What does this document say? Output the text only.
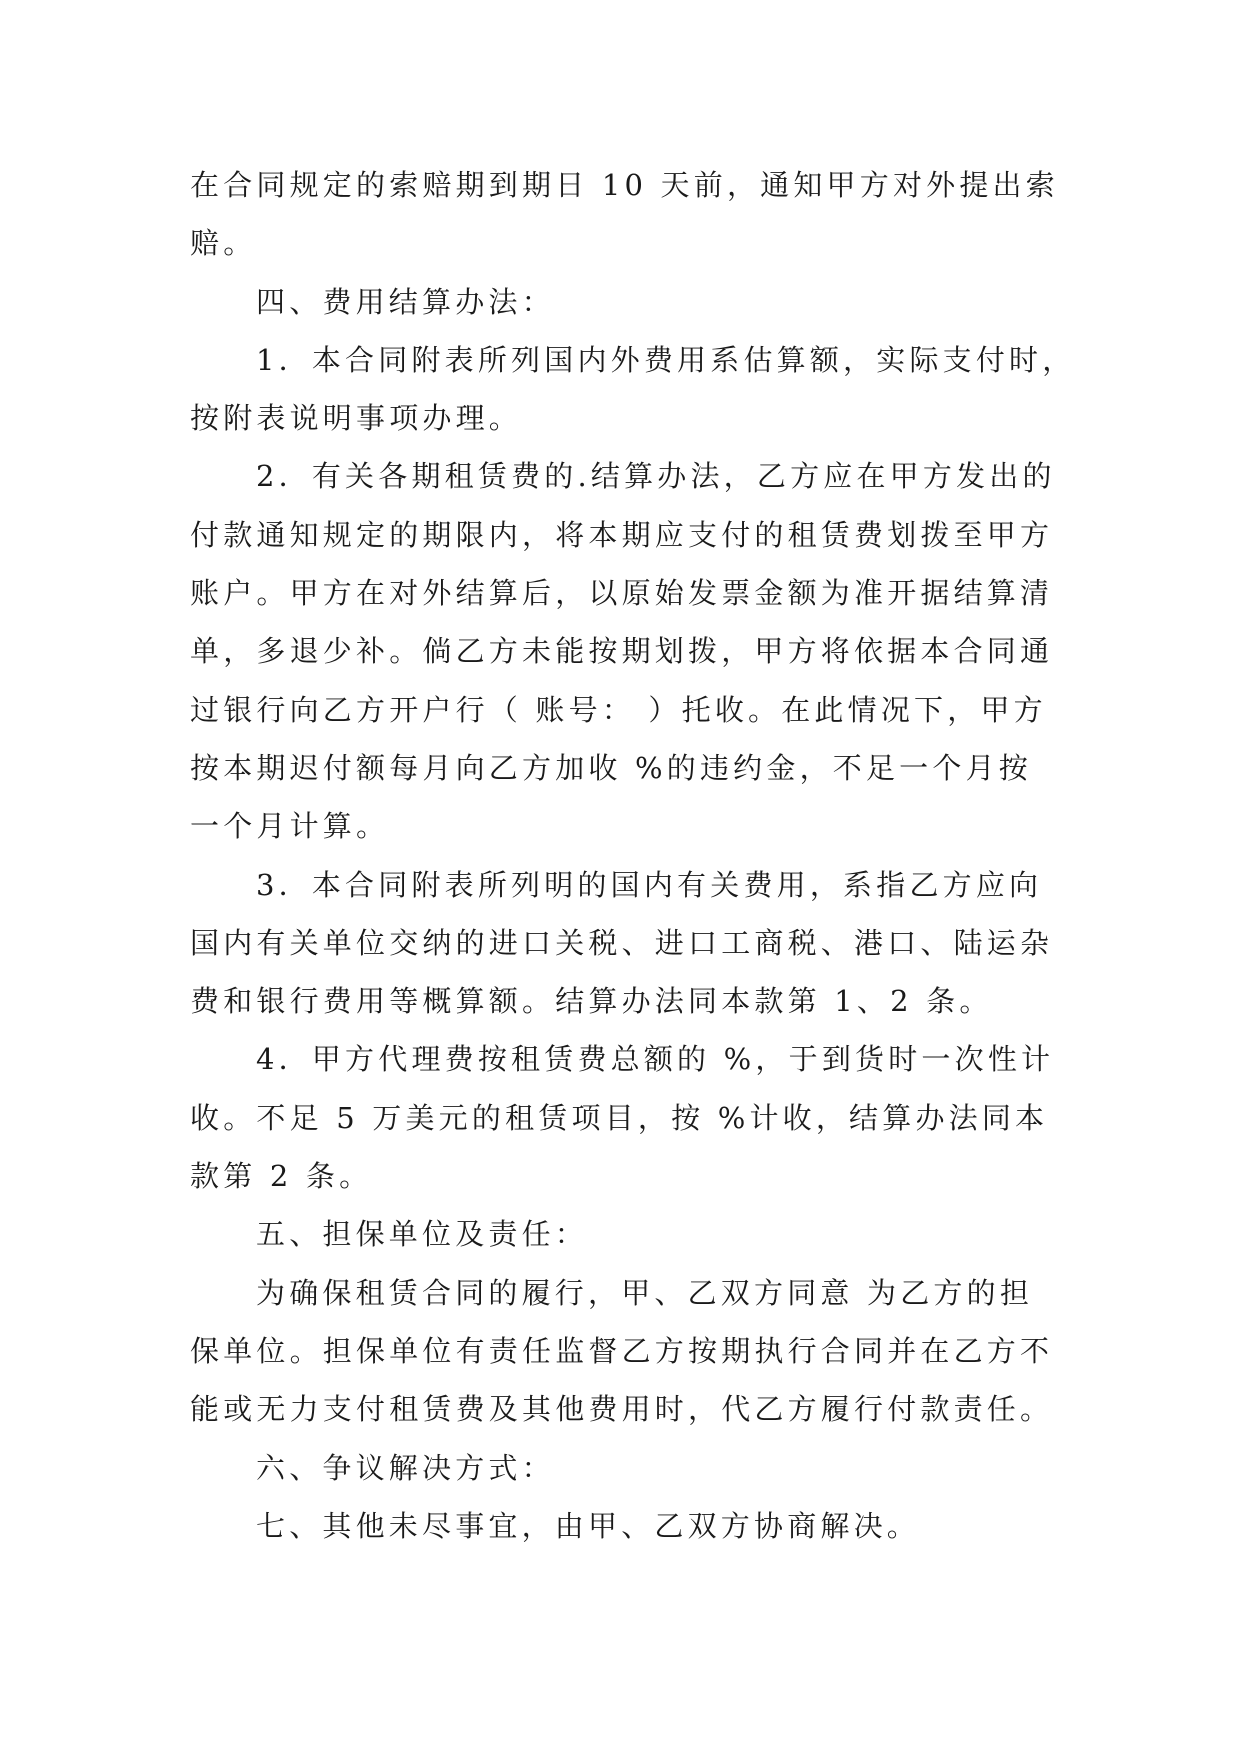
在合同规定的索赔期到期日 10 天前，通知甲方对外提出索
赔。
四、费用结算办法：
1．本合同附表所列国内外费用系估算额，实际支付时，
按附表说明事项办理。
2．有关各期租赁费的.结算办法，乙方应在甲方发出的
付款通知规定的期限内，将本期应支付的租赁费划拨至甲方
账户。甲方在对外结算后，以原始发票金额为准开据结算清
单，多退少补。倘乙方未能按期划拨，甲方将依据本合同通
过银行向乙方开户行（ 账号： ）托收。在此情况下，甲方
按本期迟付额每月向乙方加收 %的违约金，不足一个月按
一个月计算。
3．本合同附表所列明的国内有关费用，系指乙方应向
国内有关单位交纳的进口关税、进口工商税、港口、陆运杂
费和银行费用等概算额。结算办法同本款第 1、2 条。
4．甲方代理费按租赁费总额的 %，于到货时一次性计
收。不足 5 万美元的租赁项目，按 %计收，结算办法同本
款第 2 条。
五、担保单位及责任：
为确保租赁合同的履行，甲、乙双方同意 为乙方的担
保单位。担保单位有责任监督乙方按期执行合同并在乙方不
能或无力支付租赁费及其他费用时，代乙方履行付款责任。
六、争议解决方式：
七、其他未尽事宜，由甲、乙双方协商解决。
